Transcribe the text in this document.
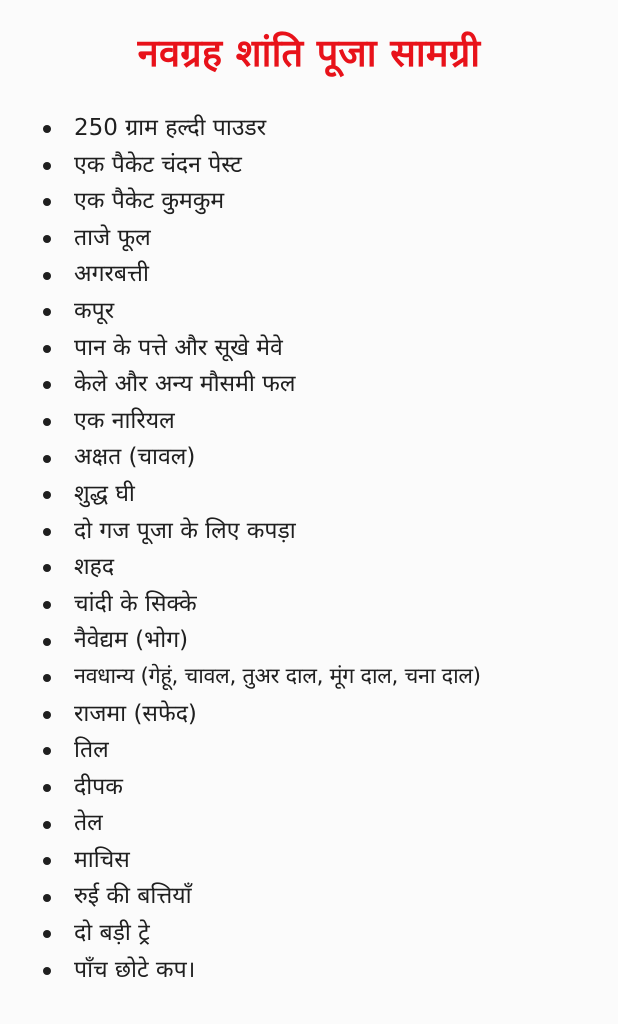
नवग्रह शांति पूजा सामग्री
250 ग्राम हल्दी पाउडर
एक पैकेट चंदन पेस्ट
एक पैकेट कुमकुम
ताजे फूल
अगरबत्ती
कपूर
पान के पत्ते और सूखे मेवे
केले और अन्य मौसमी फल
एक नारियल
अक्षत (चावल)
शुद्ध घी
दो गज पूजा के लिए कपड़ा
शहद
चांदी के सिक्के
नैवेद्यम (भोग)
नवधान्य (गेहूं, चावल, तुअर दाल, मूंग दाल, चना दाल)
राजमा (सफेद)
तिल
दीपक
तेल
माचिस
रुई की बत्तियाँ
दो बड़ी ट्रे
पाँच छोटे कप।
